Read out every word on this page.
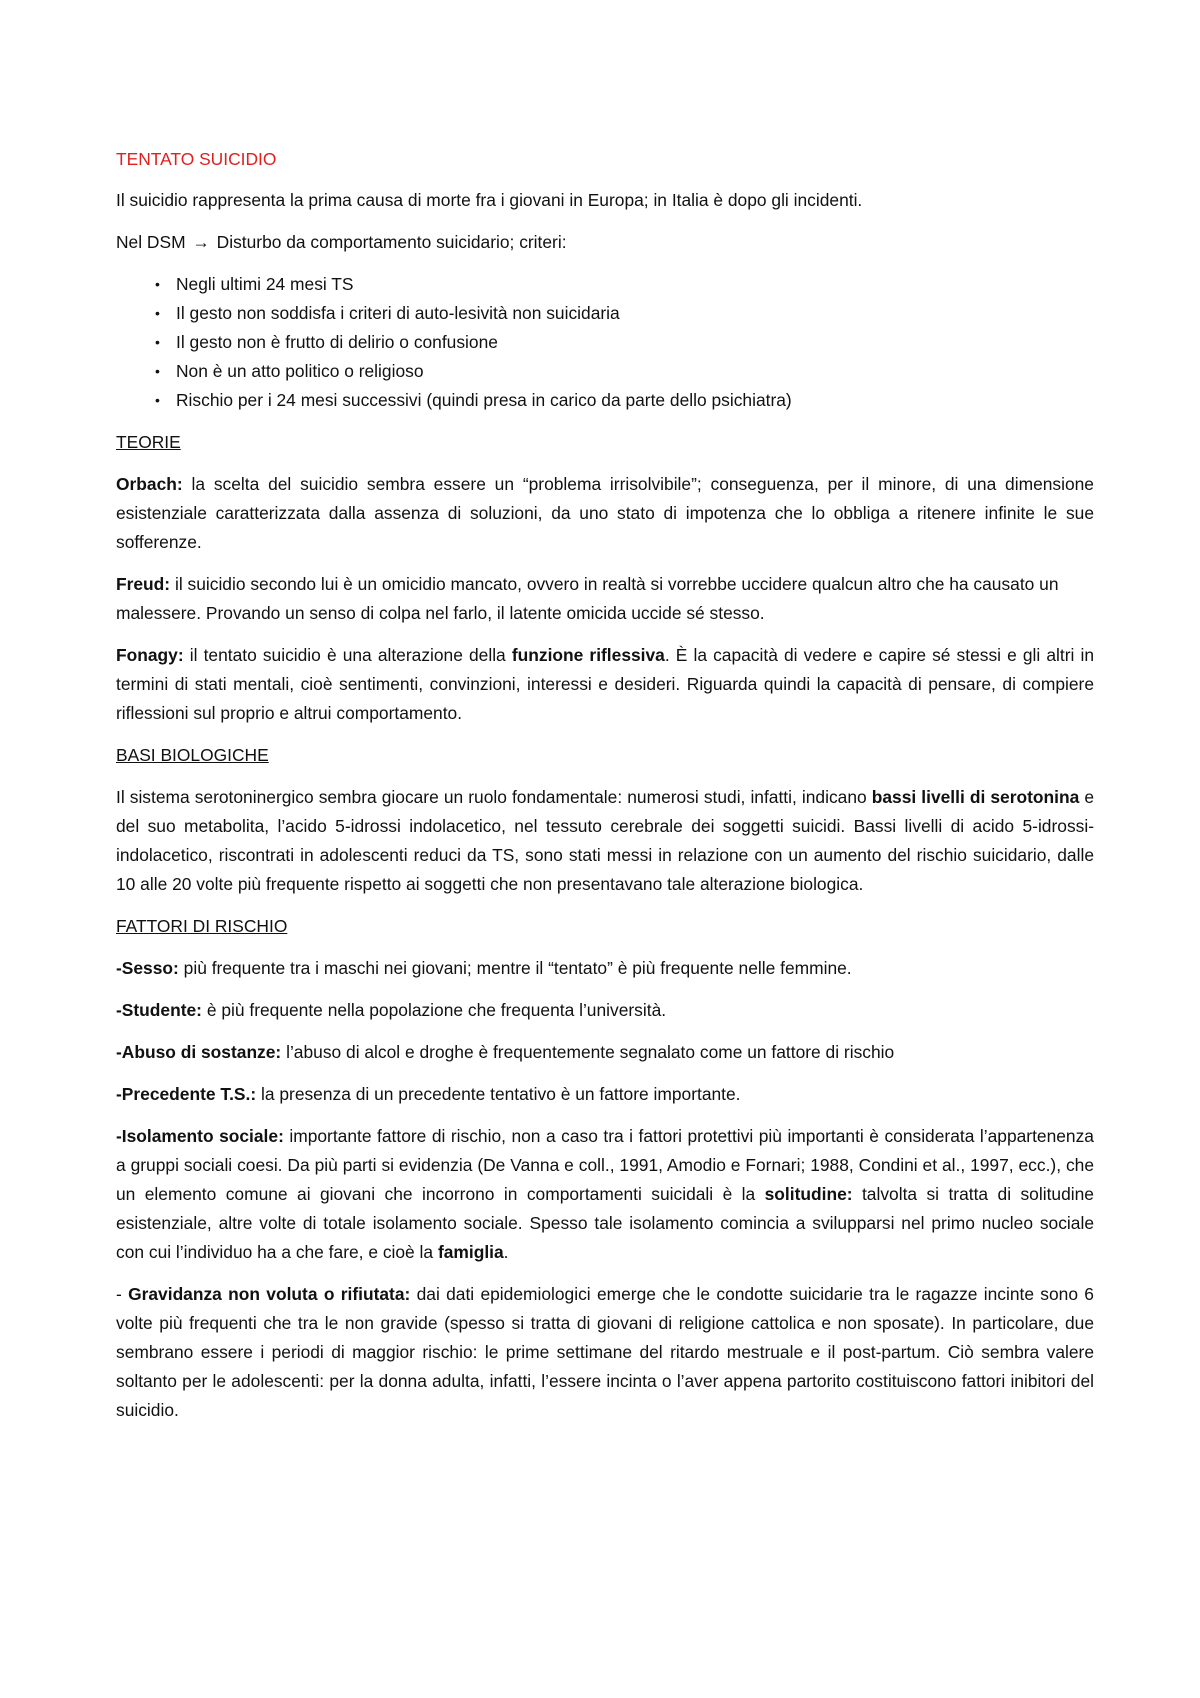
TENTATO SUICIDIO

Il suicidio rappresenta la prima causa di morte fra i giovani in Europa; in Italia è dopo gli incidenti.

Nel DSM → Disturbo da comportamento suicidario; criteri:

• Negli ultimi 24 mesi TS
• Il gesto non soddisfa i criteri di auto-lesività non suicidaria
• Il gesto non è frutto di delirio o confusione
• Non è un atto politico o religioso
• Rischio per i 24 mesi successivi (quindi presa in carico da parte dello psichiatra)

TEORIE

Orbach: la scelta del suicidio sembra essere un “problema irrisolvibile”; conseguenza, per il minore, di una dimensione esistenziale caratterizzata dalla assenza di soluzioni, da uno stato di impotenza che lo obbliga a ritenere infinite le sue sofferenze.

Freud: il suicidio secondo lui è un omicidio mancato, ovvero in realtà si vorrebbe uccidere qualcun altro che ha causato un malessere. Provando un senso di colpa nel farlo, il latente omicida uccide sé stesso.

Fonagy: il tentato suicidio è una alterazione della funzione riflessiva. È la capacità di vedere e capire sé stessi e gli altri in termini di stati mentali, cioè sentimenti, convinzioni, interessi e desideri. Riguarda quindi la capacità di pensare, di compiere riflessioni sul proprio e altrui comportamento.

BASI BIOLOGICHE

Il sistema serotoninergico sembra giocare un ruolo fondamentale: numerosi studi, infatti, indicano bassi livelli di serotonina e del suo metabolita, l’acido 5-idrossi indolacetico, nel tessuto cerebrale dei soggetti suicidi. Bassi livelli di acido 5-idrossi-indolacetico, riscontrati in adolescenti reduci da TS, sono stati messi in relazione con un aumento del rischio suicidario, dalle 10 alle 20 volte più frequente rispetto ai soggetti che non presentavano tale alterazione biologica.

FATTORI DI RISCHIO

-Sesso: più frequente tra i maschi nei giovani; mentre il “tentato” è più frequente nelle femmine.

-Studente: è più frequente nella popolazione che frequenta l’università.

-Abuso di sostanze: l’abuso di alcol e droghe è frequentemente segnalato come un fattore di rischio

-Precedente T.S.: la presenza di un precedente tentativo è un fattore importante.

-Isolamento sociale: importante fattore di rischio, non a caso tra i fattori protettivi più importanti è considerata l’appartenenza a gruppi sociali coesi. Da più parti si evidenzia (De Vanna e coll., 1991, Amodio e Fornari; 1988, Condini et al., 1997, ecc.), che un elemento comune ai giovani che incorrono in comportamenti suicidali è la solitudine: talvolta si tratta di solitudine esistenziale, altre volte di totale isolamento sociale. Spesso tale isolamento comincia a svilupparsi nel primo nucleo sociale con cui l’individuo ha a che fare, e cioè la famiglia.

- Gravidanza non voluta o rifiutata: dai dati epidemiologici emerge che le condotte suicidarie tra le ragazze incinte sono 6 volte più frequenti che tra le non gravide (spesso si tratta di giovani di religione cattolica e non sposate). In particolare, due sembrano essere i periodi di maggior rischio: le prime settimane del ritardo mestruale e il post-partum. Ciò sembra valere soltanto per le adolescenti: per la donna adulta, infatti, l’essere incinta o l’aver appena partorito costituiscono fattori inibitori del suicidio.
